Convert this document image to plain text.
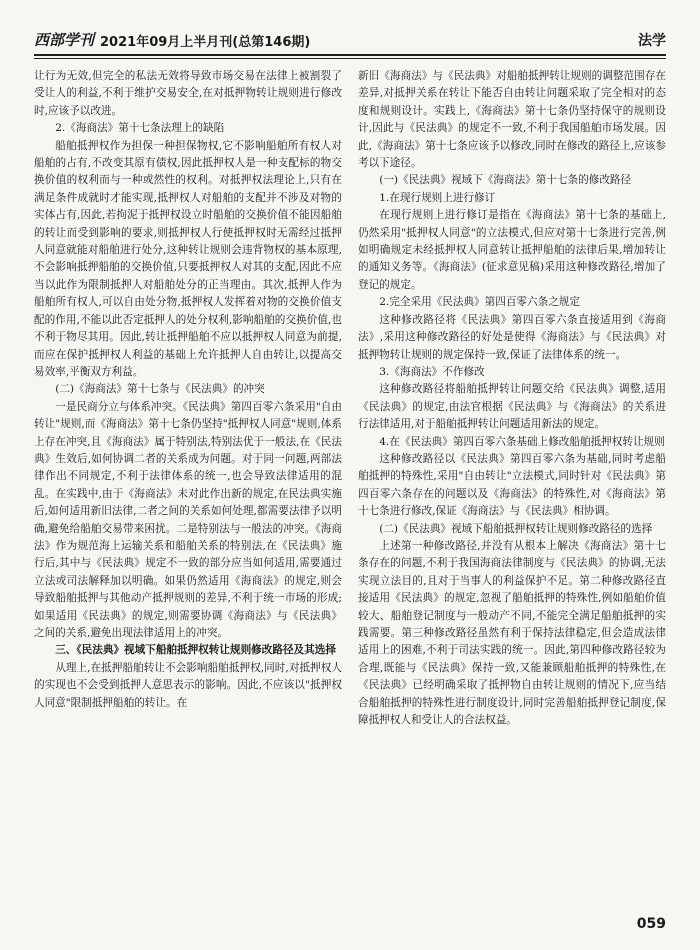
西部学刊 2021年09月上半月刊(总第146期)	法学

让行为无效,但完全的私法无效将导致市场交易在法律上被割裂了受让人的利益,不利于维护交易安全,在对抵押物转让规则进行修改时,应该予以改进。

2.《海商法》第十七条法理上的缺陷

船舶抵押权作为担保一种担保物权,它不影响船舶所有权人对船舶的占有,不改变其原有债权,因此抵押权人是一种支配标的物交换价值的权利而与一种或然性的权利。对抵押权法理论上,只有在满足条件成就时才能实现,抵押权人对船舶的支配并不涉及对物的实体占有,因此,若拘泥于抵押权设立时船舶的交换价值不能因船舶的转让而受到影响的要求,则抵押权人行使抵押权时无需经过抵押人同意就能对船舶进行处分,这种转让规则会违背物权的基本原理,不会影响抵押船舶的交换价值,只要抵押权人对其的支配,因此不应当以此作为限制抵押人对船舶处分的正当理由。其次,抵押人作为船舶所有权人,可以自由处分物,抵押权人发挥着对物的交换价值支配的作用,不能以此否定抵押人的处分权利,影响船舶的交换价值,也不利于物尽其用。因此,转让抵押船舶不应以抵押权人同意为前提,而应在保护抵押权人利益的基础上允许抵押人自由转让,以提高交易效率,平衡双方利益。

(二)《海商法》第十七条与《民法典》的冲突

一是民商分立与体系冲突。《民法典》第四百零六条采用"自由转让"规则,而《海商法》第十七条仍坚持"抵押权人同意"规则,体系上存在冲突,且《海商法》属于特别法,特别法优于一般法,在《民法典》生效后,如何协调二者的关系成为问题。对于同一问题,两部法律作出不同规定,不利于法律体系的统一,也会导致法律适用的混乱。在实践中,由于《海商法》未对此作出新的规定,在民法典实施后,如何适用新旧法律,二者之间的关系如何处理,都需要法律予以明确,避免给船舶交易带来困扰。二是特别法与一般法的冲突。《海商法》作为规范海上运输关系和船舶关系的特别法,在《民法典》施行后,其中与《民法典》规定不一致的部分应当如何适用,需要通过立法或司法解释加以明确。如果仍然适用《海商法》的规定,则会导致船舶抵押与其他动产抵押规则的差异,不利于统一市场的形成;如果适用《民法典》的规定,则需要协调《海商法》与《民法典》之间的关系,避免出现法律适用上的冲突。

三、《民法典》视域下船舶抵押权转让规则修改路径及其选择

从理上,在抵押船舶转让不会影响船舶抵押权,同时,对抵押权人的实现也不会受到抵押人意思表示的影响。因此,不应该以"抵押权人同意"限制抵押船舶的转让。在

新旧《海商法》与《民法典》对船舶抵押转让规则的调整范围存在差异,对抵押关系在转让下能否自由转让问题采取了完全相对的态度和规则设计。实践上,《海商法》第十七条仍坚持保守的规则设计,因此与《民法典》的规定不一致,不利于我国船舶市场发展。因此,《海商法》第十七条应该予以修改,同时在修改的路径上,应该参考以下途径。

(一)《民法典》视域下《海商法》第十七条的修改路径

1.在现行规则上进行修订

在现行规则上进行修订是指在《海商法》第十七条的基础上,仍然采用"抵押权人同意"的立法模式,但应对第十七条进行完善,例如明确规定未经抵押权人同意转让抵押船舶的法律后果,增加转让的通知义务等。《海商法》(征求意见稿)采用这种修改路径,增加了登记的规定。

2.完全采用《民法典》第四百零六条之规定

这种修改路径将《民法典》第四百零六条直接适用到《海商法》,采用这种修改路径的好处是使得《海商法》与《民法典》对抵押物转让规则的规定保持一致,保证了法律体系的统一。

3.《海商法》不作修改

这种修改路径将船舶抵押转让问题交给《民法典》调整,适用《民法典》的规定,由法官根据《民法典》与《海商法》的关系进行法律适用,对于船舶抵押转让问题适用新法的规定。

4.在《民法典》第四百零六条基础上修改船舶抵押权转让规则

这种修改路径以《民法典》第四百零六条为基础,同时考虑船舶抵押的特殊性,采用"自由转让"立法模式,同时针对《民法典》第四百零六条存在的问题以及《海商法》的特殊性,对《海商法》第十七条进行修改,保证《海商法》与《民法典》相协调。

(二)《民法典》视域下船舶抵押权转让规则修改路径的选择

上述第一种修改路径,并没有从根本上解决《海商法》第十七条存在的问题,不利于我国海商法律制度与《民法典》的协调,无法实现立法目的,且对于当事人的利益保护不足。第二种修改路径直接适用《民法典》的规定,忽视了船舶抵押的特殊性,例如船舶价值较大、船舶登记制度与一般动产不同,不能完全满足船舶抵押的实践需要。第三种修改路径虽然有利于保持法律稳定,但会造成法律适用上的困难,不利于司法实践的统一。因此,第四种修改路径较为合理,既能与《民法典》保持一致,又能兼顾船舶抵押的特殊性,在《民法典》已经明确采取了抵押物自由转让规则的情况下,应当结合船舶抵押的特殊性进行制度设计,同时完善船舶抵押登记制度,保障抵押权人和受让人的合法权益。

059
